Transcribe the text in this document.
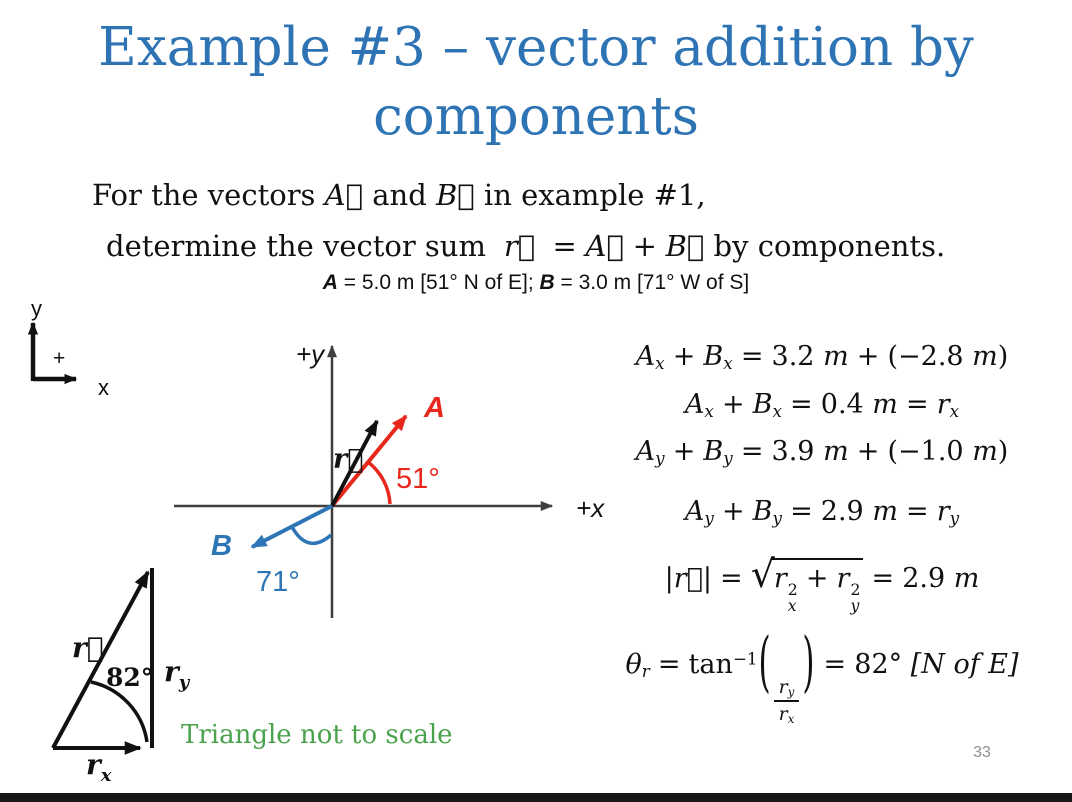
Example #3 – vector addition by
components
For the vectors A⃗ and B⃗ in example #1,
determine the vector sum r⃗ = A⃗ + B⃗ by components.
A = 5.0 m [51° N of E]; B = 3.0 m [71° W of S]
y
x
+	+y
+x
A
r⃗
B
51°
71°
r⃗
82° $r_y$
$r_x$
Triangle not to scale
Ax + Bx = 3.2 m + (−2.8 m)
Ax + Bx = 0.4 m = rx
Ay + By = 3.9 m + (−1.0 m)
Ay + By = 2.9 m = ry
|r⃗| = √r 2
x
+ r 2
y
= 2.9 m
$\theta r = \tan^{-1}$(
$\frac{ry}{rx}$
) = 82° [N of E]
33
